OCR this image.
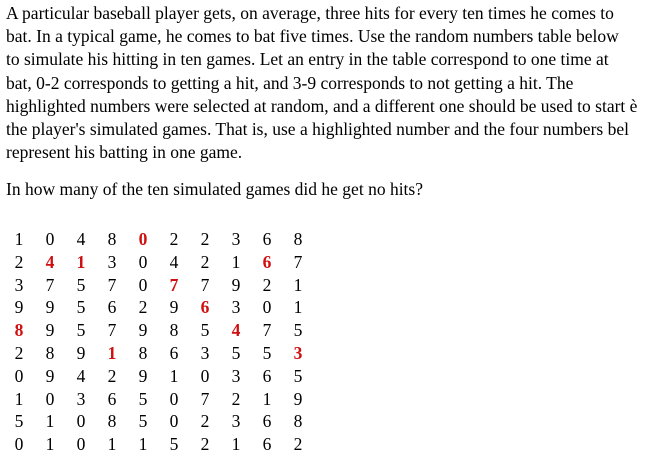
A particular baseball player gets, on average, three hits for every ten times he comes to
bat. In a typical game, he comes to bat five times. Use the random numbers table below
to simulate his hitting in ten games. Let an entry in the table correspond to one time at
bat, 0-2 corresponds to getting a hit, and 3-9 corresponds to not getting a hit. The
highlighted numbers were selected at random, and a different one should be used to start è
the player's simulated games. That is, use a highlighted number and the four numbers bel
represent his batting in one game.
In how many of the ten simulated games did he get no hits?
1	0	4	8	0	2	2	3	6	8
2	4	1	3	0	4	2	1	6	7
3	7	5	7	0	7	7	9	2	1
9	9	5	6	2	9	6	3	0	1
8	9	5	7	9	8	5	4	7	5
2	8	9	1	8	6	3	5	5	3
0	9	4	2	9	1	0	3	6	5
1	0	3	6	5	0	7	2	1	9
5	1	0	8	5	0	2	3	6	8
0	1	0	1	1	5	2	1	6	2
